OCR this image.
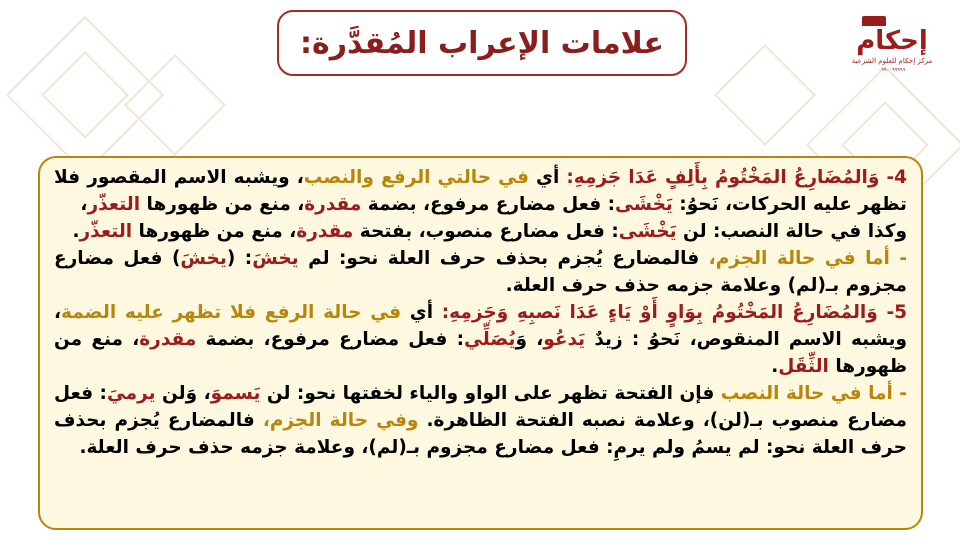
علامات الإعراب المُقدَّرة:	إحكام
مركز إحكام للعلوم الشرعية
٠٩٩٠٠٩٩٩٩٩

4- وَالمُضَارِعُ المَخْتُومُ بِأَلِفٍ عَدَا جَزمِهِ: أي في حالتي الرفع والنصب، ويشبه الاسم المقصور فلا تظهر عليه الحركات، نَحوُ: يَخْشَى: فعل مضارع مرفوع، بضمة مقدرة، منع من ظهورها التعذّر،

وكذا في حالة النصب: لن يَخْشَى: فعل مضارع منصوب، بفتحة مقدرة، منع من ظهورها التعذّر.

- أما في حالة الجزم، فالمضارع يُجزم بحذف حرف العلة نحو: لم يخشَ: (يخشَ) فعل مضارع مجزوم بـ(لم) وعلامة جزمه حذف حرف العلة.

5- وَالمُضَارِعُ المَخْتُومُ بِوَاوٍ أَوْ يَاءٍ عَدَا نَصبِهِ وَجَزمِهِ: أي في حالة الرفع فلا تظهر عليه الضمة، ويشبه الاسم المنقوص، نَحوُ : زيدٌ يَدعُو، وَيُصَلِّي: فعل مضارع مرفوع، بضمة مقدرة، منع من ظهورها الثِّقَل.

- أما في حالة النصب فإن الفتحة تظهر على الواو والياء لخفتها نحو: لن يَسموَ، وَلن يرميَ: فعل مضارع منصوب بـ(لن)، وعلامة نصبه الفتحة الظاهرة. وفي حالة الجزم، فالمضارع يُجزم بحذف حرف العلة نحو: لم يسمُ ولم يرمِ: فعل مضارع مجزوم بـ(لم)، وعلامة جزمه حذف حرف العلة.
